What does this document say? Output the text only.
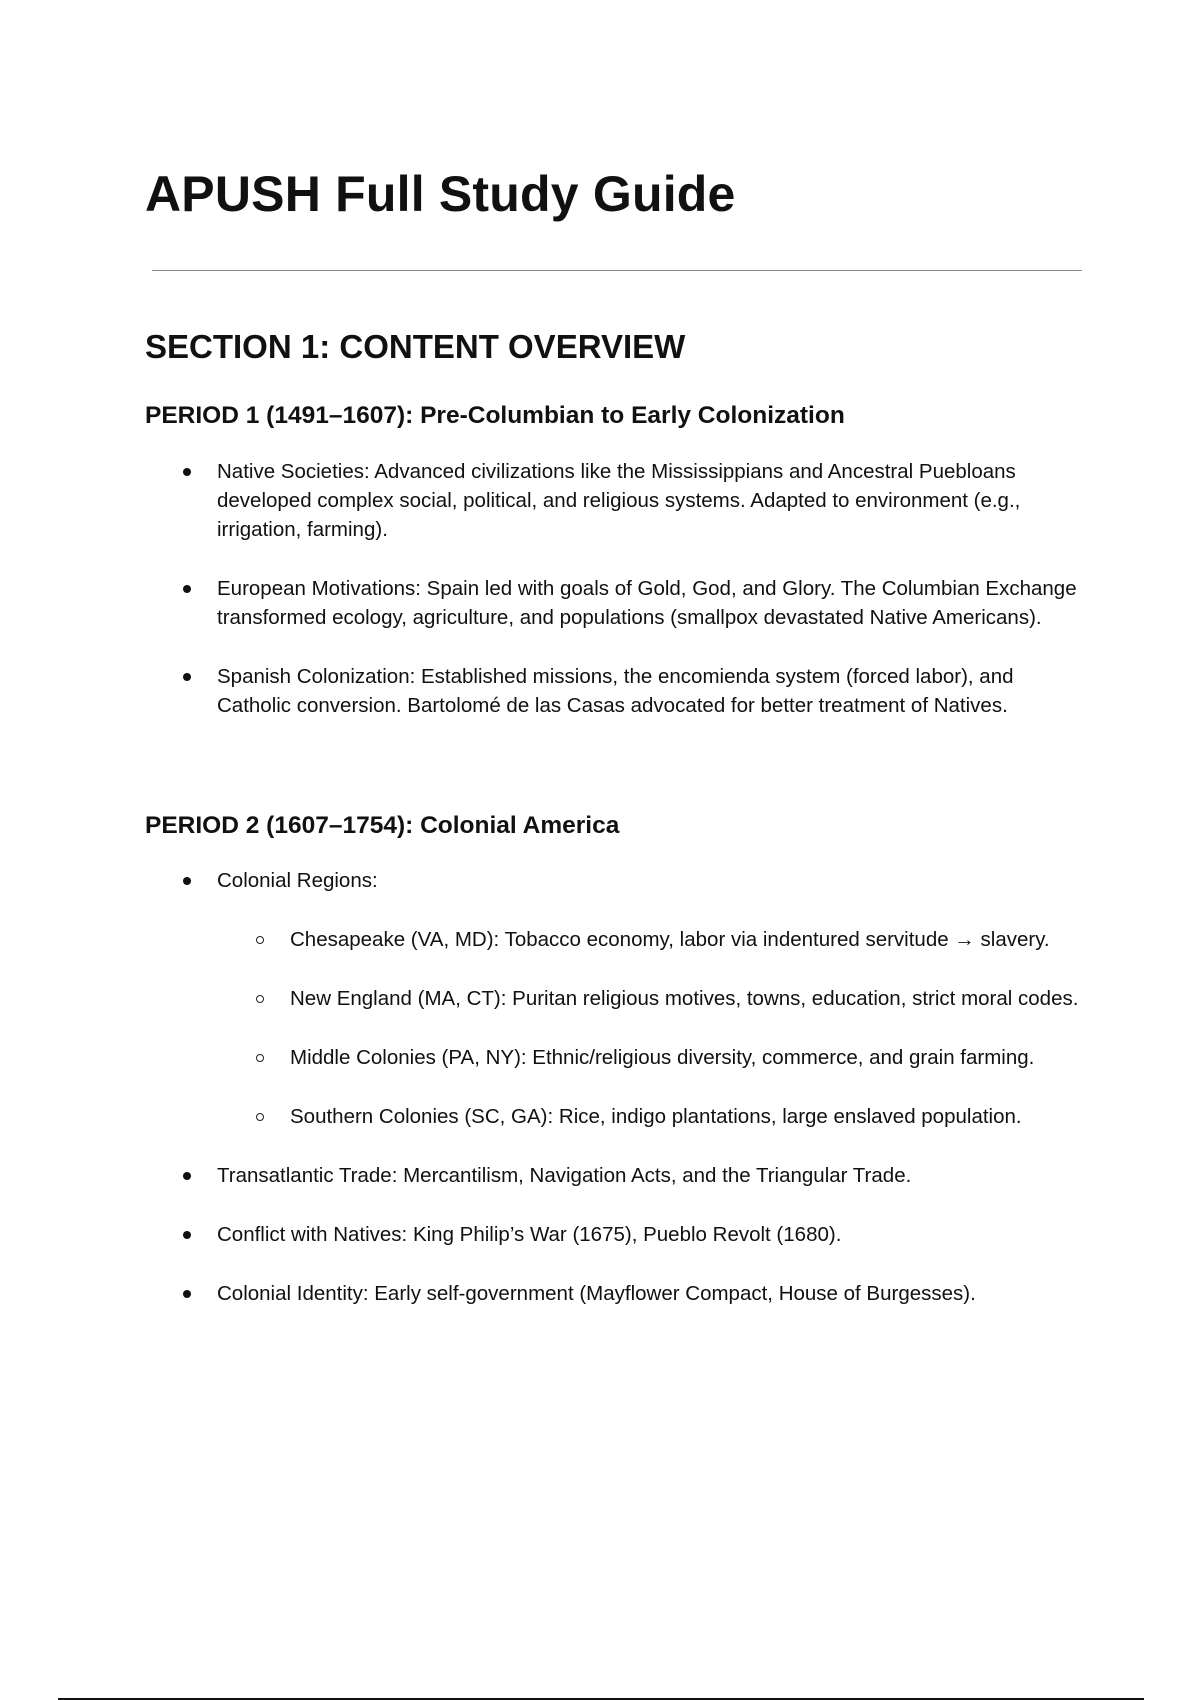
APUSH Full Study Guide
SECTION 1: CONTENT OVERVIEW
PERIOD 1 (1491–1607): Pre-Columbian to Early Colonization
Native Societies: Advanced civilizations like the Mississippians and Ancestral Puebloans developed complex social, political, and religious systems. Adapted to environment (e.g., irrigation, farming).
European Motivations: Spain led with goals of Gold, God, and Glory. The Columbian Exchange transformed ecology, agriculture, and populations (smallpox devastated Native Americans).
Spanish Colonization: Established missions, the encomienda system (forced labor), and Catholic conversion. Bartolomé de las Casas advocated for better treatment of Natives.
PERIOD 2 (1607–1754): Colonial America
Colonial Regions:
Chesapeake (VA, MD): Tobacco economy, labor via indentured servitude → slavery.
New England (MA, CT): Puritan religious motives, towns, education, strict moral codes.
Middle Colonies (PA, NY): Ethnic/religious diversity, commerce, and grain farming.
Southern Colonies (SC, GA): Rice, indigo plantations, large enslaved population.
Transatlantic Trade: Mercantilism, Navigation Acts, and the Triangular Trade.
Conflict with Natives: King Philip’s War (1675), Pueblo Revolt (1680).
Colonial Identity: Early self-government (Mayflower Compact, House of Burgesses).
